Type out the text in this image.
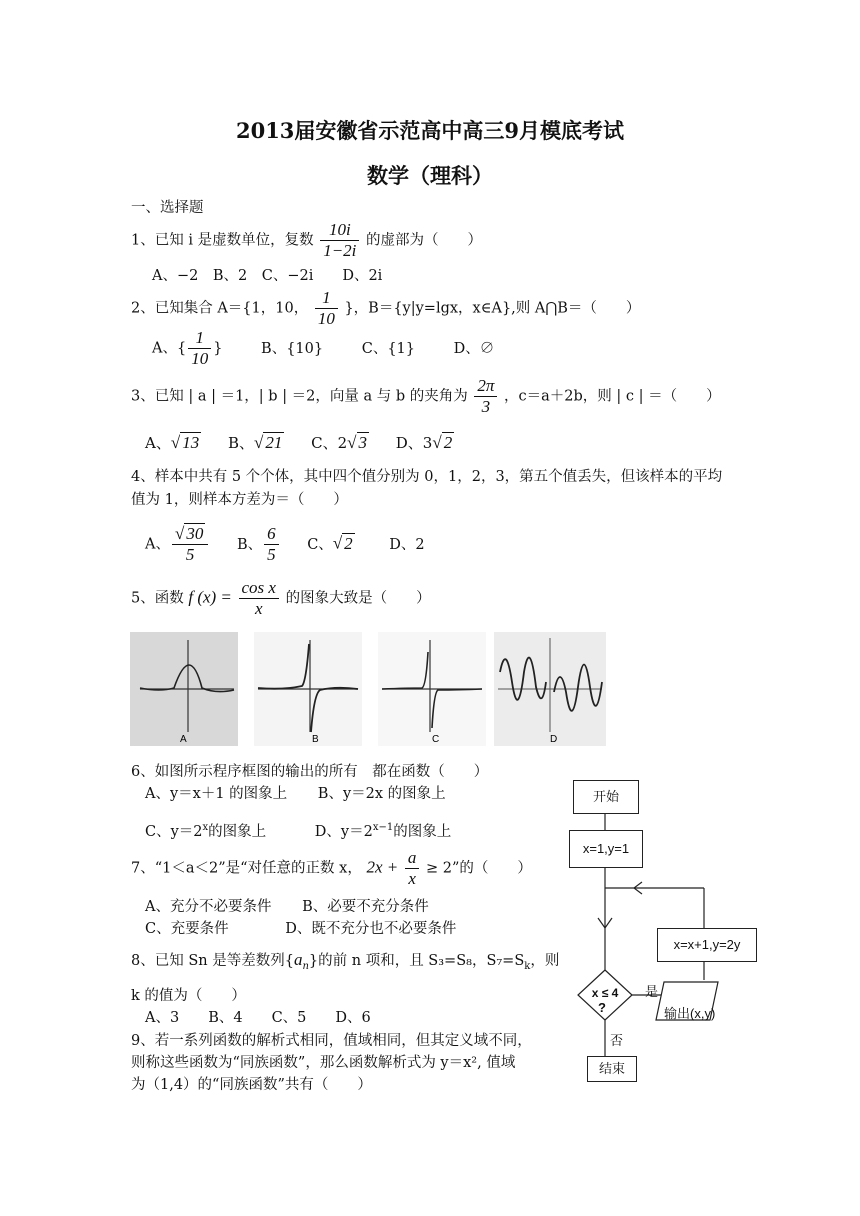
2013届安徽省示范高中高三9月模底考试
数学（理科）
一、选择题
1、已知 i 是虚数单位，复数 $\frac{10i}{1-2i}$ 的虚部为（　　）
A、−2　B、2　C、−2i　　D、2i
2、已知集合 A＝{1，10， $\frac{1}{10}$ }，B＝{y|y=lgx，x∈A},则 A⋂B＝（　　）
A、{ $\frac{1}{10}$ }	B、{10}	C、{1}	D、∅
3、已知 | a | ＝1，| b | ＝2，向量 a 与 b 的夹角为 $\frac{2\pi}{3}$ ，c＝a＋2b，则 | c | ＝（　　）
A、√ 13 B、√ 21 C、2√ 3 D、3√ 2
4、样本中共有 5 个个体，其中四个值分别为 0，1，2，3，第五个值丢失，但该样本的平均
值为 1，则样本方差为＝（　　）
A、 $\frac{√ 30}{5}$ B、 $\frac{6}{5}$ C、√ 2	D、2
5、函数 f $(x) = \frac{\text{cos x}}{x}$ 的图象大致是（　　）
A	B	C	D
6、如图所示程序框图的输出的所有　都在函数（　　）
A、y＝x＋1 的图象上 B、y＝2x 的图象上
C、$y=2^x$的图象上	D、$y=2^{x-1}$的图象上
7、“1＜a＜2”是“对任意的正数 x， $2x + \frac{a}{x} \ge 2$”的（　　）
A、充分不必要条件 B、必要不充分条件
C、充要条件	D、既不充分也不必要条件
8、已知 Sn 是等差数列$\{a_n\}$的前 n 项和，且 S₃=S₈，$S_7=S_k$，则
k 的值为（　　）
A、3　　B、4　　C、5　　D、6
9、若一系列函数的解析式相同，值域相同，但其定义域不同，
则称这些函数为“同族函数”，那么函数解析式为 y＝x², 值域
为（1,4）的“同族函数”共有（　　）
开始
x=1,y=1
x=x+1,y=2y
x ≤ 4
?
是
否
输出(x,y)
结束
